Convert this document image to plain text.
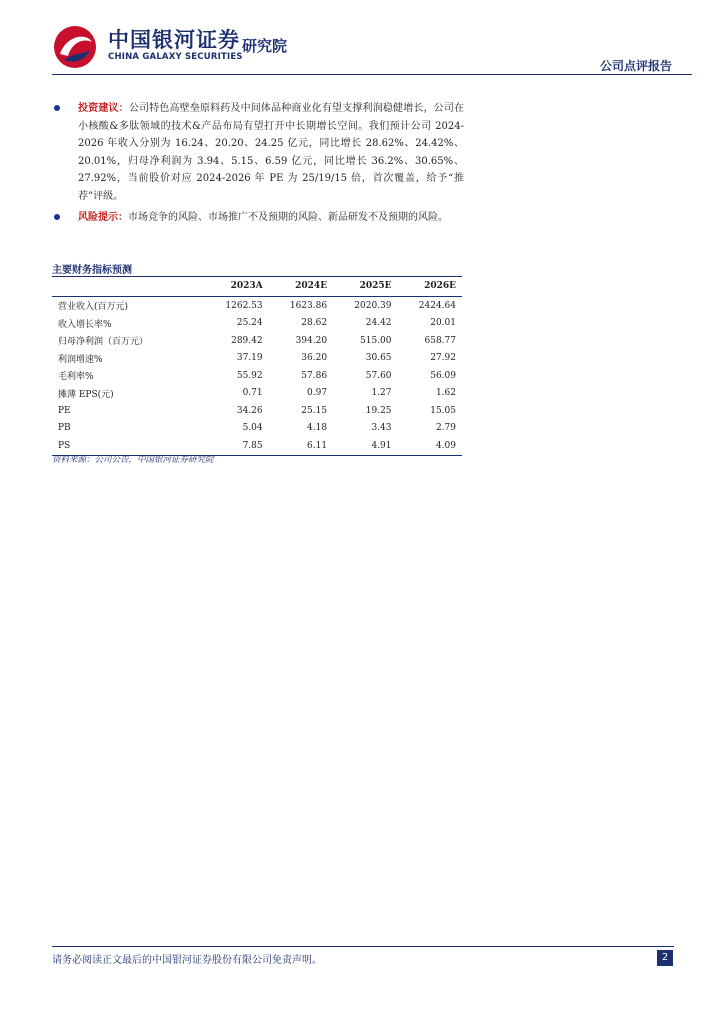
中国银河证券
CHINA GALAXY SECURITIES
研究院
公司点评报告
投资建议：公司特色高壁垒原料药及中间体品种商业化有望支撑利润稳健增长，公司在小核酸&多肽领域的技术&产品布局有望打开中长期增长空间。我们预计公司 2024-2026 年收入分别为 16.24、20.20、24.25 亿元，同比增长 28.62%、24.42%、20.01%，归母净利润为 3.94、5.15、6.59 亿元，同比增长 36.2%、30.65%、27.92%，当前股价对应 2024-2026 年 PE 为 25/19/15 倍，首次覆盖，给予“推荐”评级。
风险提示：市场竞争的风险、市场推广不及预期的风险、新品研发不及预期的风险。
主要财务指标预测
	2023A	2024E	2025E	2026E
营业收入(百万元)	1262.53	1623.86	2020.39	2424.64
收入增长率%	25.24	28.62	24.42	20.01
归母净利润（百万元）	289.42	394.20	515.00	658.77
利润增速%	37.19	36.20	30.65	27.92
毛利率%	55.92	57.86	57.60	56.09
摊薄 EPS(元)	0.71	0.97	1.27	1.62
PE	34.26	25.15	19.25	15.05
PB	5.04	4.18	3.43	2.79
PS	7.85	6.11	4.91	4.09
资料来源：公司公告，中国银河证券研究院
请务必阅读正文最后的中国银河证券股份有限公司免责声明。	2
